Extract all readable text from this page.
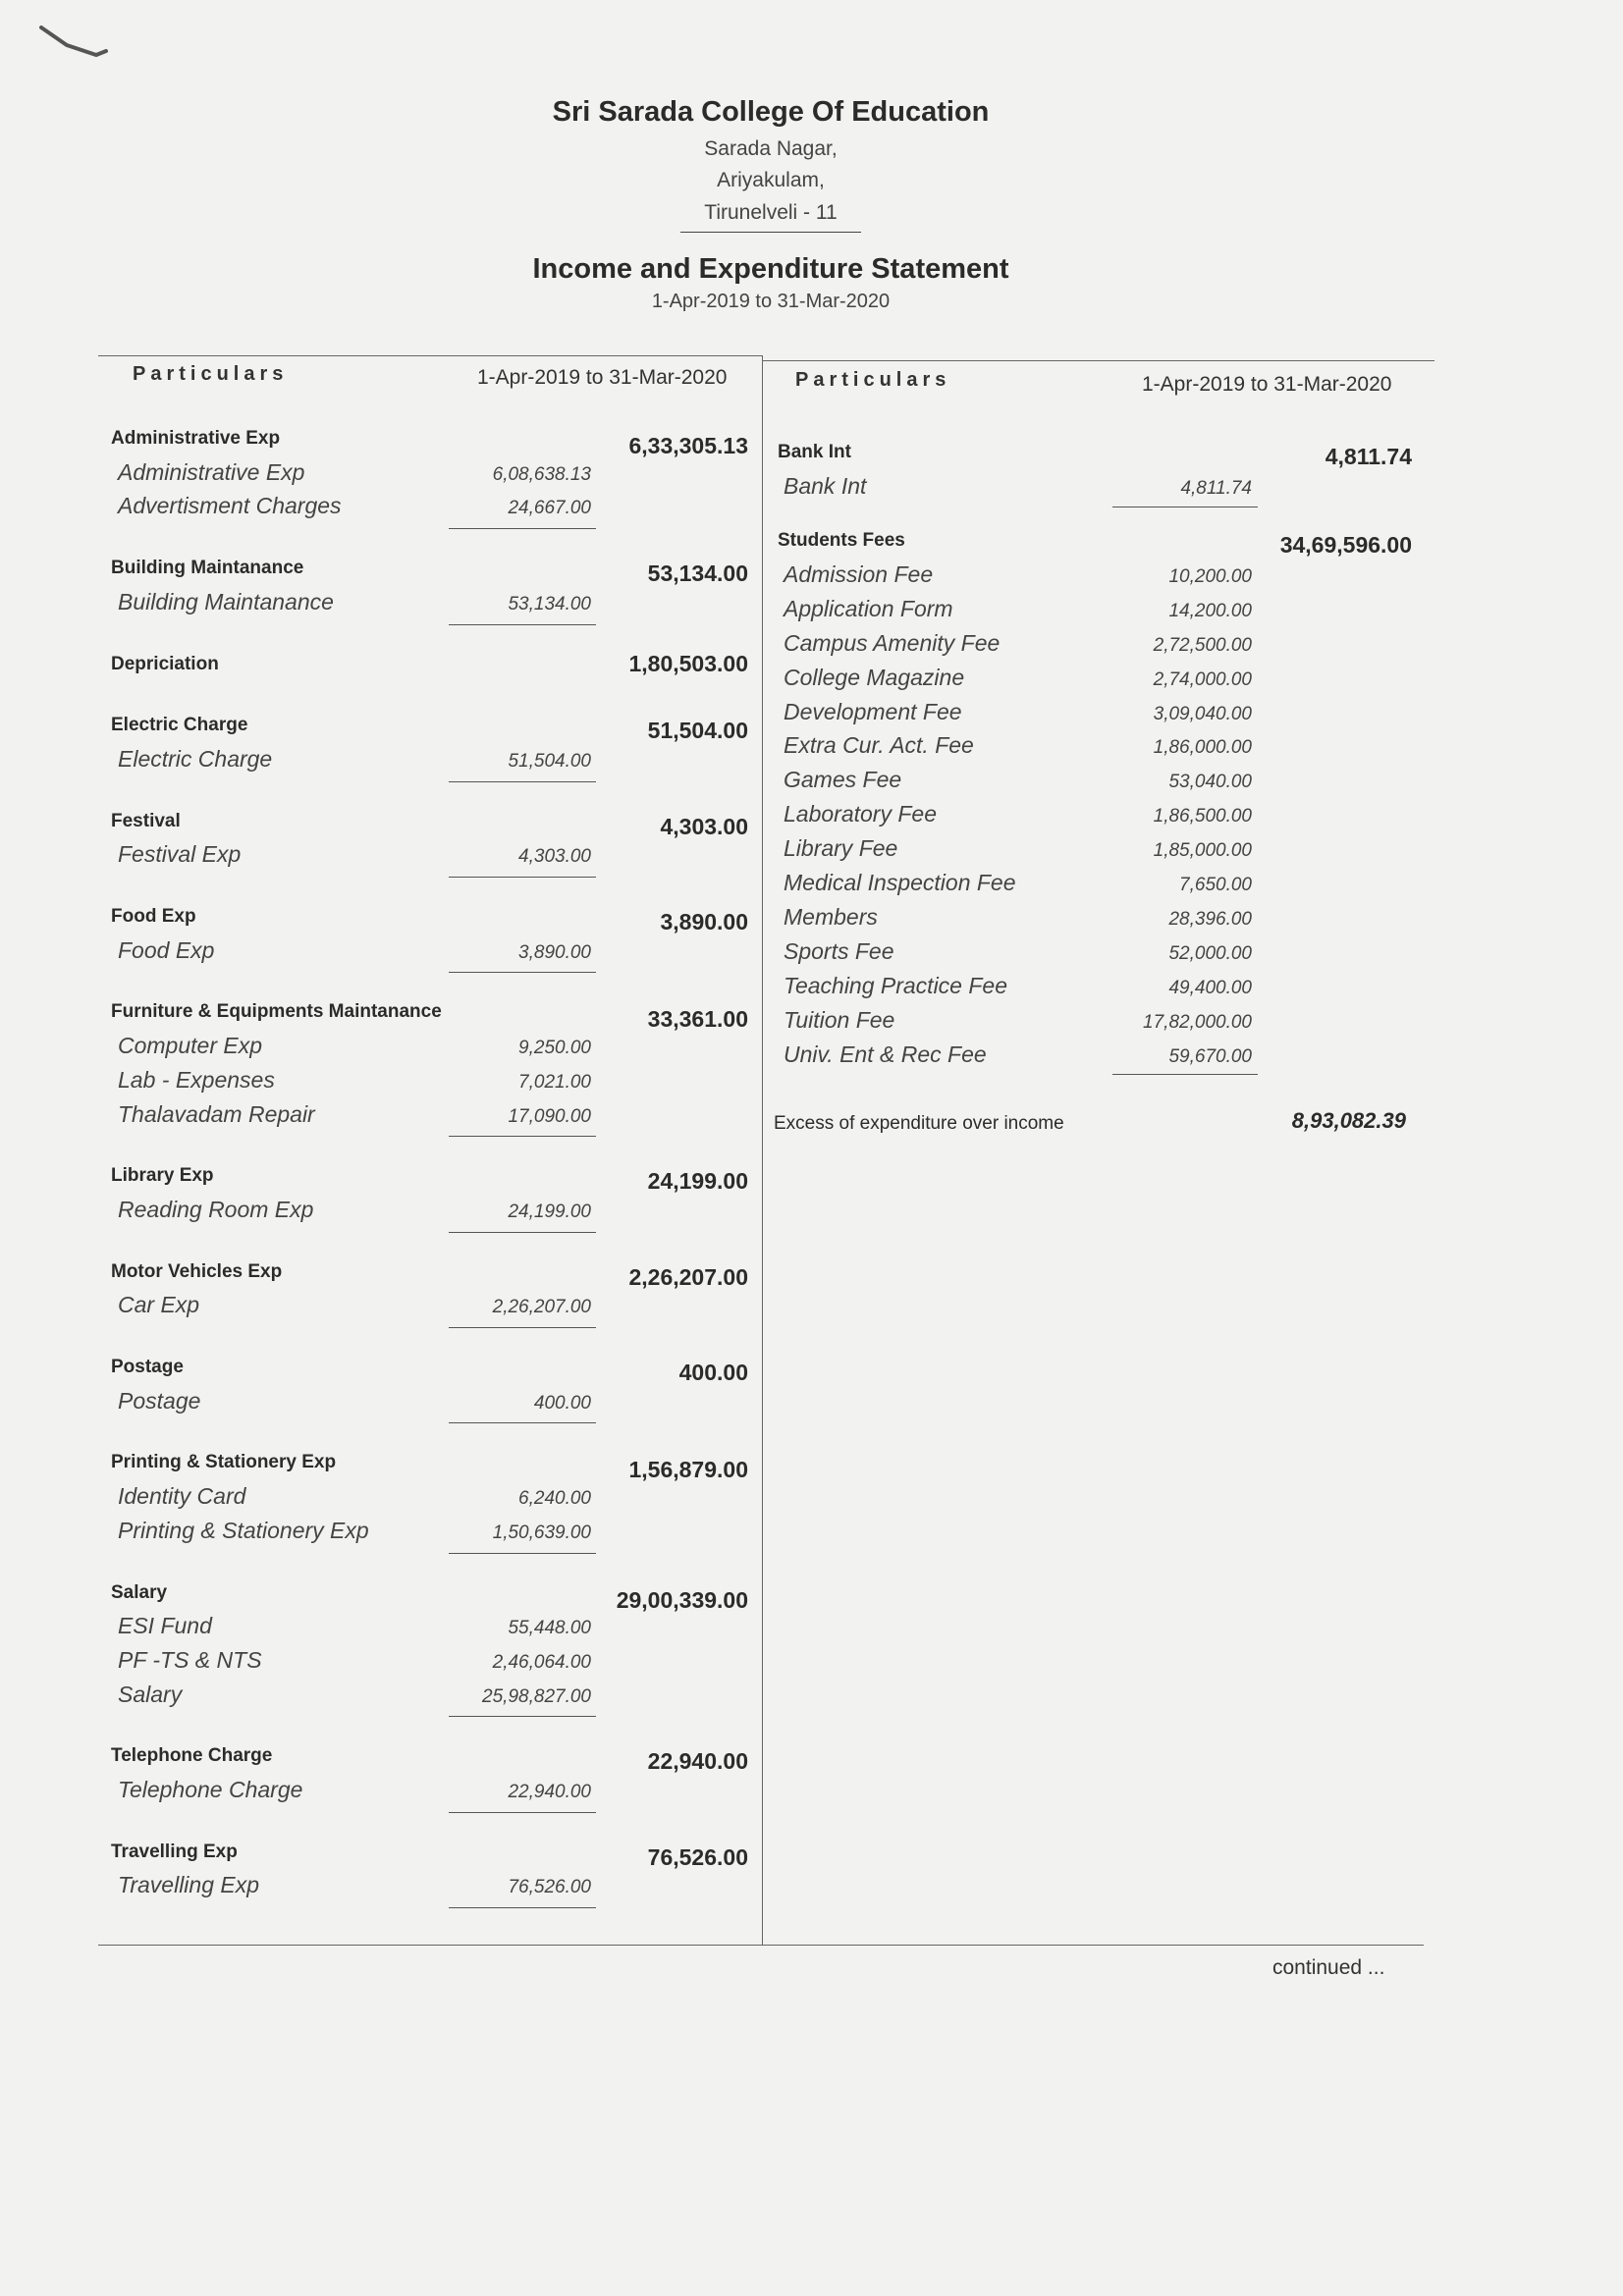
Sri Sarada College Of Education
Sarada Nagar,
Ariyakulam,
Tirunelveli - 11
Income and Expenditure Statement
1-Apr-2019 to 31-Mar-2020
Particulars	1-Apr-2019 to 31-Mar-2020	Particulars	1-Apr-2019 to 31-Mar-2020
Administrative Exp	6,33,305.13
Administrative Exp	6,08,638.13
Advertisment Charges	24,667.00
Building Maintanance	53,134.00
Building Maintanance	53,134.00
Depriciation	1,80,503.00
Electric Charge	51,504.00
Electric Charge	51,504.00
Festival	4,303.00
Festival Exp	4,303.00
Food Exp	3,890.00
Food Exp	3,890.00
Furniture & Equipments Maintanance	33,361.00
Computer Exp	9,250.00
Lab - Expenses	7,021.00
Thalavadam Repair	17,090.00
Library Exp	24,199.00
Reading Room Exp	24,199.00
Motor Vehicles Exp	2,26,207.00
Car Exp	2,26,207.00
Postage	400.00
Postage	400.00
Printing & Stationery Exp	1,56,879.00
Identity Card	6,240.00
Printing & Stationery Exp	1,50,639.00
Salary	29,00,339.00
ESI Fund	55,448.00
PF -TS & NTS	2,46,064.00
Salary	25,98,827.00
Telephone Charge	22,940.00
Telephone Charge	22,940.00
Travelling Exp	76,526.00
Travelling Exp	76,526.00
Bank Int	4,811.74
Bank Int	4,811.74
Students Fees	34,69,596.00
Admission Fee	10,200.00
Application Form	14,200.00
Campus Amenity Fee	2,72,500.00
College Magazine	2,74,000.00
Development Fee	3,09,040.00
Extra Cur. Act. Fee	1,86,000.00
Games Fee	53,040.00
Laboratory Fee	1,86,500.00
Library Fee	1,85,000.00
Medical Inspection Fee	7,650.00
Members	28,396.00
Sports Fee	52,000.00
Teaching Practice Fee	49,400.00
Tuition Fee	17,82,000.00
Univ. Ent & Rec Fee	59,670.00
Excess of expenditure over income	8,93,082.39
continued ...
